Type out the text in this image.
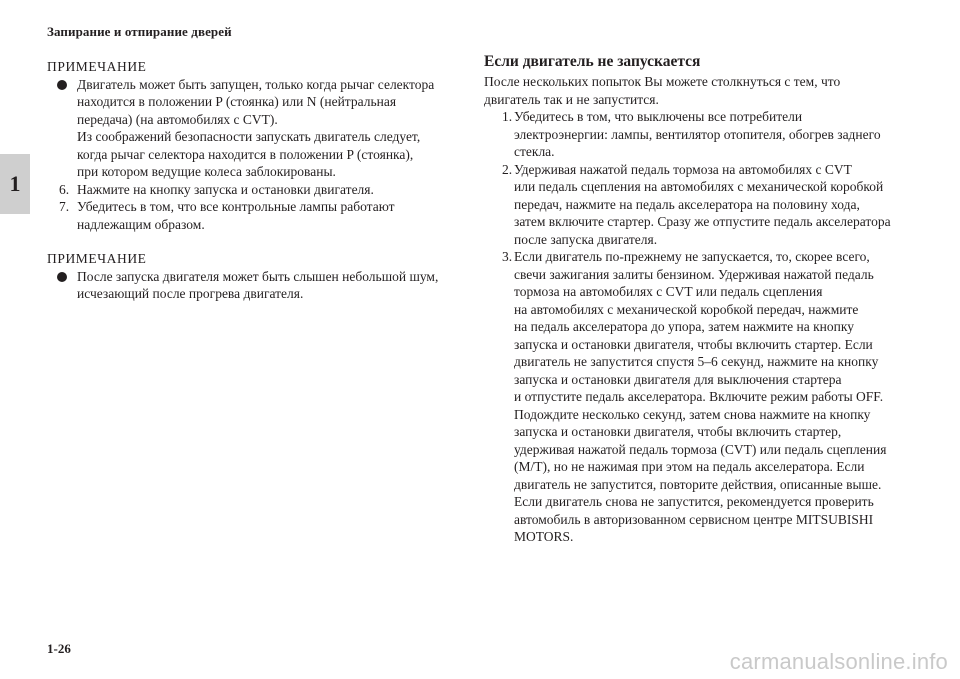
Запирание и отпирание дверей
1

ПРИМЕЧАНИЕ

Двигатель может быть запущен, только когда рычаг селектора

находится в положении P (стоянка) или N (нейтральная

передача) (на автомобилях с CVT).

Из соображений безопасности запускать двигатель следует,

когда рычаг селектора находится в положении P (стоянка),

при котором ведущие колеса заблокированы.

6. Нажмите на кнопку запуска и остановки двигателя.

7. Убедитесь в том, что все контрольные лампы работают

надлежащим образом.

ПРИМЕЧАНИЕ

После запуска двигателя может быть слышен небольшой шум,

исчезающий после прогрева двигателя.

Если двигатель не запускается

После нескольких попыток Вы можете столкнуться с тем, что

двигатель так и не запустится.

1. Убедитесь в том, что выключены все потребители

электроэнергии: лампы, вентилятор отопителя, обогрев заднего

стекла.

2. Удерживая нажатой педаль тормоза на автомобилях с CVT

или педаль сцепления на автомобилях с механической коробкой

передач, нажмите на педаль акселератора на половину хода,

затем включите стартер. Сразу же отпустите педаль акселератора

после запуска двигателя.

3. Если двигатель по-прежнему не запускается, то, скорее всего,

свечи зажигания залиты бензином. Удерживая нажатой педаль

тормоза на автомобилях с CVT или педаль сцепления

на автомобилях с механической коробкой передач, нажмите

на педаль акселератора до упора, затем нажмите на кнопку

запуска и остановки двигателя, чтобы включить стартер. Если

двигатель не запустится спустя 5–6 секунд, нажмите на кнопку

запуска и остановки двигателя для выключения стартера

и отпустите педаль акселератора. Включите режим работы OFF.

Подождите несколько секунд, затем снова нажмите на кнопку

запуска и остановки двигателя, чтобы включить стартер,

удерживая нажатой педаль тормоза (CVT) или педаль сцепления

(M/T), но не нажимая при этом на педаль акселератора. Если

двигатель не запустится, повторите действия, описанные выше.

Если двигатель снова не запустится, рекомендуется проверить

автомобиль в авторизованном сервисном центре MITSUBISHI

MOTORS.

1-26
carmanualsonline.info
